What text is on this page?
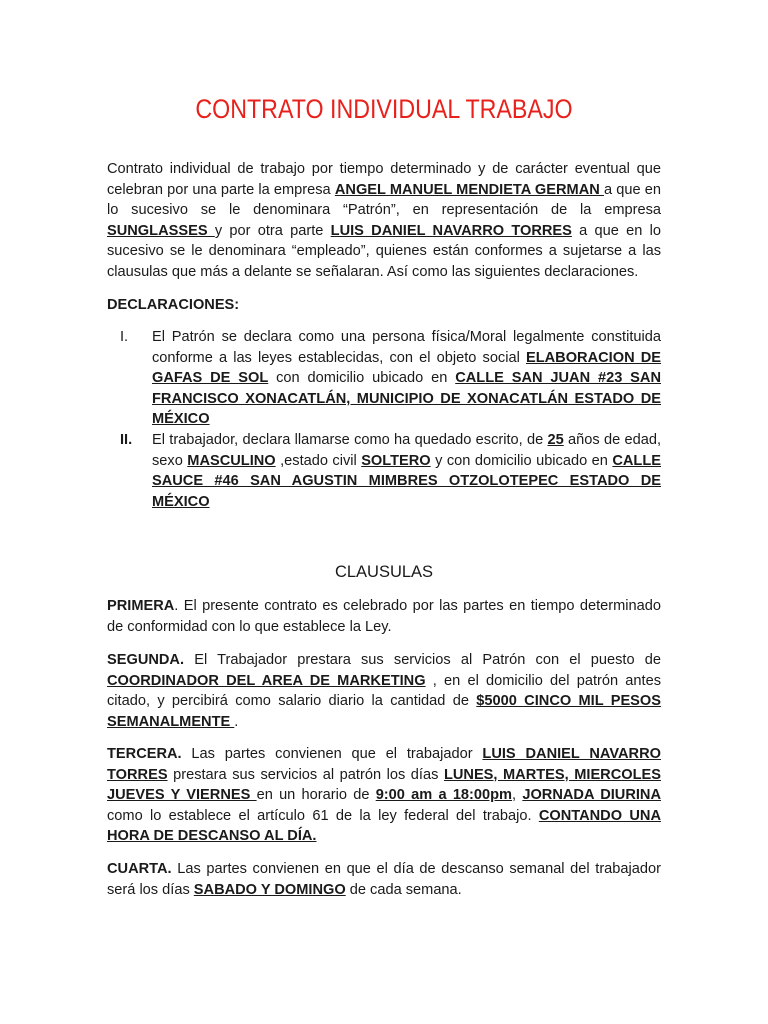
CONTRATO INDIVIDUAL TRABAJO

Contrato individual de trabajo por tiempo determinado y de carácter eventual que celebran por una parte la empresa ANGEL MANUEL MENDIETA GERMAN a que en lo sucesivo se le denominara “Patrón”, en representación de la empresa SUNGLASSES y por otra parte LUIS DANIEL NAVARRO TORRES a que en lo sucesivo se le denominara “empleado”, quienes están conformes a sujetarse a las clausulas que más a delante se señalaran. Así como las siguientes declaraciones.

DECLARACIONES:
I. El Patrón se declara como una persona física/Moral legalmente constituida conforme a las leyes establecidas, con el objeto social ELABORACION DE GAFAS DE SOL con domicilio ubicado en CALLE SAN JUAN #23 SAN FRANCISCO XONACATLÁN, MUNICIPIO DE XONACATLÁN ESTADO DE MÉXICO
II. El trabajador, declara llamarse como ha quedado escrito, de 25 años de edad, sexo MASCULINO ,estado civil SOLTERO y con domicilio ubicado en CALLE SAUCE #46 SAN AGUSTIN MIMBRES OTZOLOTEPEC ESTADO DE MÉXICO
CLAUSULAS

PRIMERA. El presente contrato es celebrado por las partes en tiempo determinado de conformidad con lo que establece la Ley.

SEGUNDA. El Trabajador prestara sus servicios al Patrón con el puesto de COORDINADOR DEL AREA DE MARKETING , en el domicilio del patrón antes citado, y percibirá como salario diario la cantidad de $5000 CINCO MIL PESOS SEMANALMENTE .

TERCERA. Las partes convienen que el trabajador LUIS DANIEL NAVARRO TORRES prestara sus servicios al patrón los días LUNES, MARTES, MIERCOLES JUEVES Y VIERNES en un horario de 9:00 am a 18:00pm, JORNADA DIURINA como lo establece el artículo 61 de la ley federal del trabajo. CONTANDO UNA HORA DE DESCANSO AL DÍA.

CUARTA. Las partes convienen en que el día de descanso semanal del trabajador será los días SABADO Y DOMINGO de cada semana.
